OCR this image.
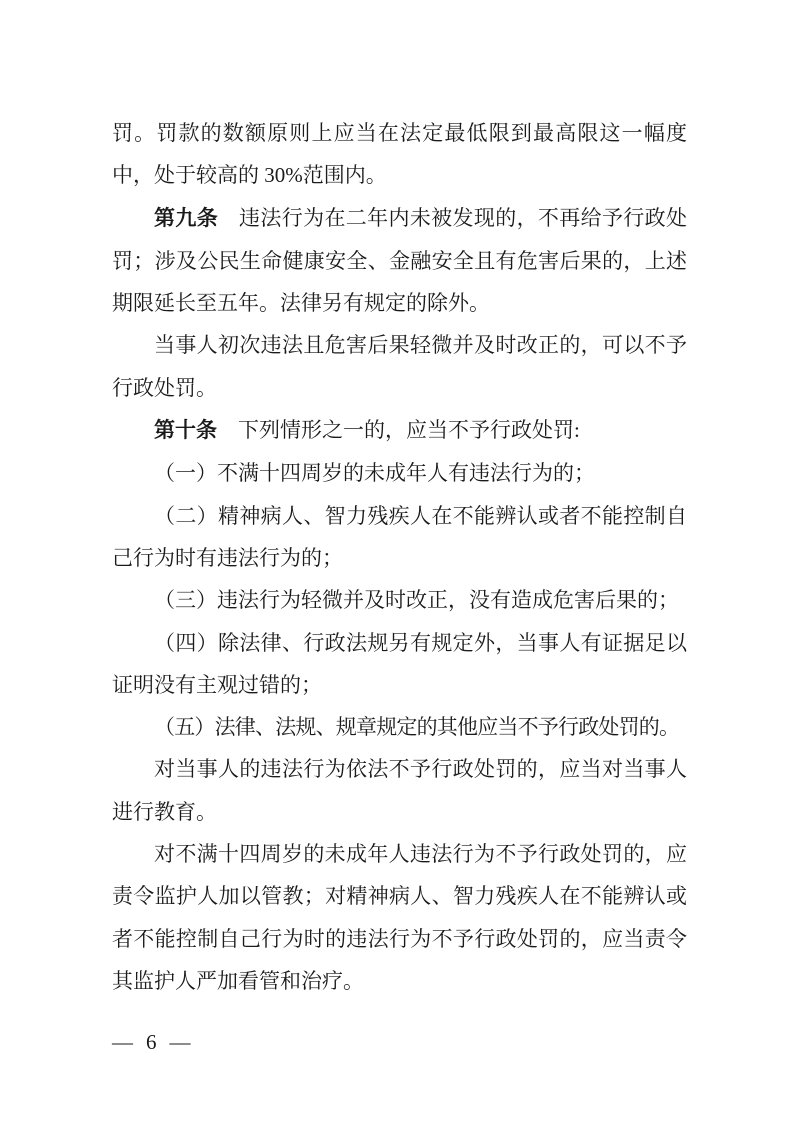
罚。罚款的数额原则上应当在法定最低限到最高限这一幅度中，处于较高的 30%范围内。

第九条 违法行为在二年内未被发现的，不再给予行政处罚；涉及公民生命健康安全、金融安全且有危害后果的，上述期限延长至五年。法律另有规定的除外。

当事人初次违法且危害后果轻微并及时改正的，可以不予行政处罚。

第十条 下列情形之一的，应当不予行政处罚:

（一）不满十四周岁的未成年人有违法行为的；

（二）精神病人、智力残疾人在不能辨认或者不能控制自己行为时有违法行为的；

（三）违法行为轻微并及时改正，没有造成危害后果的；

（四）除法律、行政法规另有规定外，当事人有证据足以证明没有主观过错的；

（五）法律、法规、规章规定的其他应当不予行政处罚的。

对当事人的违法行为依法不予行政处罚的，应当对当事人进行教育。

对不满十四周岁的未成年人违法行为不予行政处罚的，应责令监护人加以管教；对精神病人、智力残疾人在不能辨认或者不能控制自己行为时的违法行为不予行政处罚的，应当责令其监护人严加看管和治疗。

— 6 —
